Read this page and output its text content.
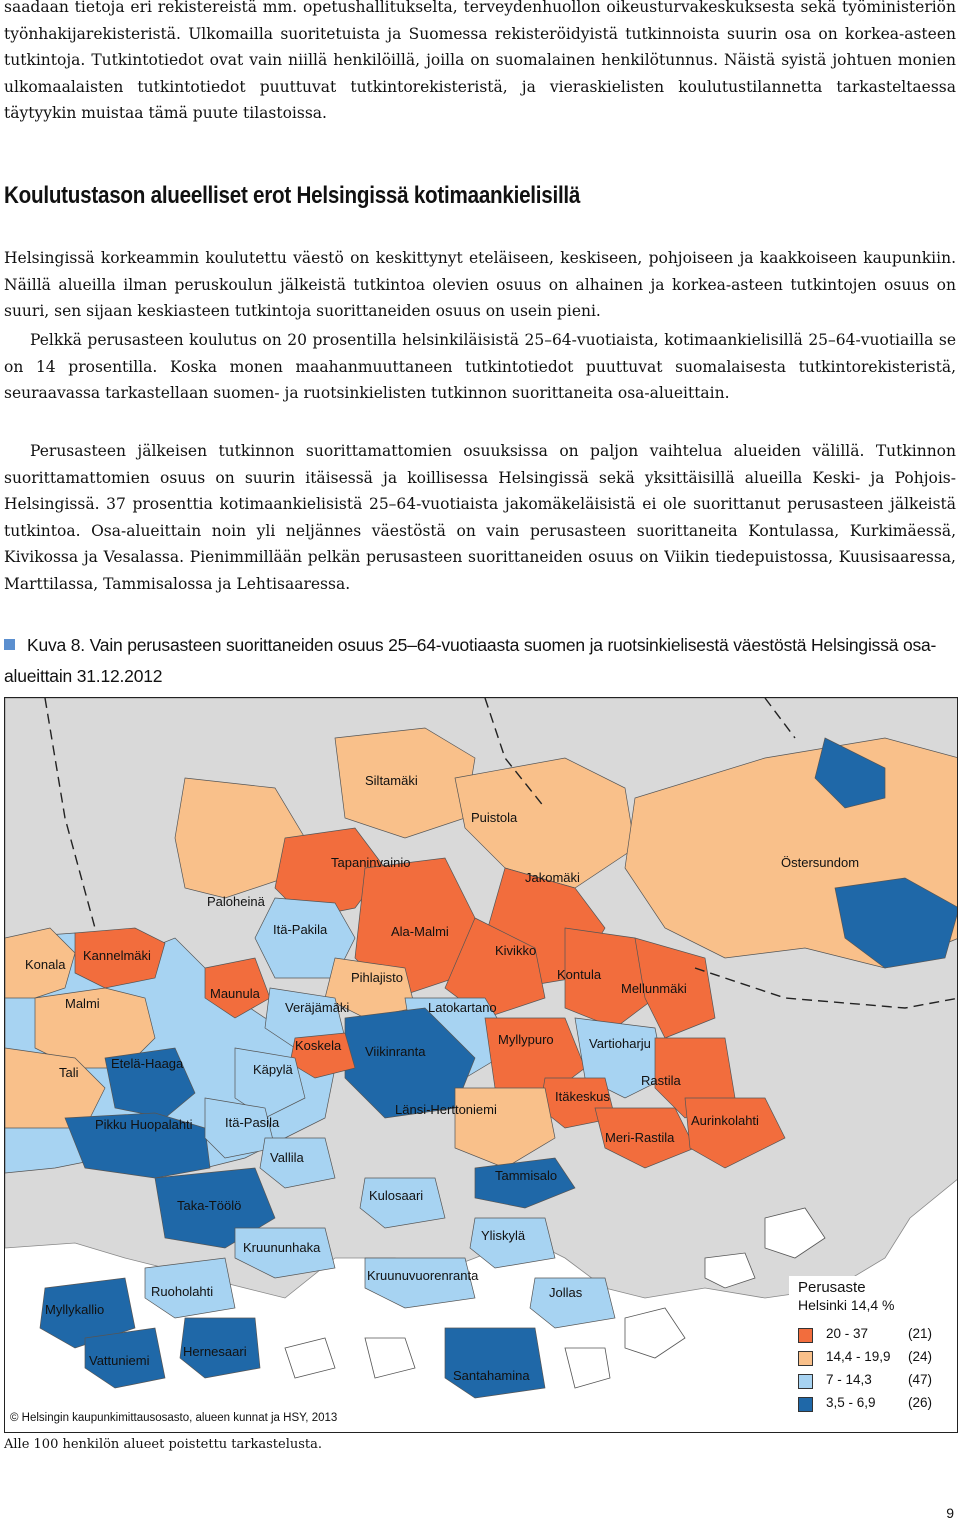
saadaan tietoja eri rekistereistä mm. opetushallitukselta, terveydenhuollon oikeusturvakeskuksesta sekä työministeriön työnhakijarekisteristä. Ulkomailla suoritetuista ja Suomessa rekisteröidyistä tutkinnoista suurin osa on korkea-asteen tutkintoja. Tutkintotiedot ovat vain niillä henkilöillä, joilla on suomalainen henkilötunnus. Näistä syistä johtuen monien ulkomaalaisten tutkintotiedot puuttuvat tutkintorekisteristä, ja vieraskielisten koulutustilannetta tarkasteltaessa täytyykin muistaa tämä puute tilastoissa.

Koulutustason alueelliset erot Helsingissä kotimaankielisillä

Helsingissä korkeammin koulutettu väestö on keskittynyt eteläiseen, keskiseen, pohjoiseen ja kaakkoiseen kaupunkiin. Näillä alueilla ilman peruskoulun jälkeistä tutkintoa olevien osuus on alhainen ja korkea-asteen tutkintojen osuus on suuri, sen sijaan keskiasteen tutkintoja suorittaneiden osuus on usein pieni.

Pelkkä perusasteen koulutus on 20 prosentilla helsinkiläisistä 25–64-vuotiaista, kotimaankielisillä 25–64-vuotiailla se on 14 prosentilla. Koska monen maahanmuuttaneen tutkintotiedot puuttuvat suomalaisesta tutkintorekisteristä, seuraavassa tarkastellaan suomen- ja ruotsinkielisten tutkinnon suorittaneita osa-alueittain.

Perusasteen jälkeisen tutkinnon suorittamattomien osuuksissa on paljon vaihtelua alueiden välillä. Tutkinnon suorittamattomien osuus on suurin itäisessä ja koillisessa Helsingissä sekä yksittäisillä alueilla Keski- ja Pohjois-Helsingissä. 37 prosenttia kotimaankielisistä 25–64-vuotiaista jakomäkeläisistä ei ole suorittanut perusasteen jälkeistä tutkintoa. Osa-alueittain noin yli neljännes väestöstä on vain perusasteen suorittaneita Kontulassa, Kurkimäessä, Kivikossa ja Vesalassa. Pienimmillään pelkän perusasteen suorittaneiden osuus on Viikin tiedepuistossa, Kuusisaaressa, Marttilassa, Tammisalossa ja Lehtisaaressa.

Kuva 8. Vain perusasteen suorittaneiden osuus 25–64-vuotiaasta suomen ja ruotsinkielisestä väestöstä Helsingissä osa-alueittain 31.12.2012
Siltamäki
Puistola
Tapaninvainio
Jakomäki
Östersundom
Paloheinä
Itä-Pakila	Ala-Malmi
Kivikko
Konala
Kannelmäki
Pihlajisto	Kontula
Maunula	Mellunmäki
Malmi	Veräjämäki	Latokartano
Myllypuro	Vartioharju
Koskela Viikinranta
Tali
Etelä-Haaga	Käpylä
Rastila
Itäkeskus
Länsi-Herttoniemi
Pikku Huopalahti Itä-Pasila	Aurinkolahti
Meri-Rastila
Vallila
Tammisalo
Taka-Töölö
Kulosaari
Yliskylä
Kruununhaka
Kruunuvuorenranta
Ruoholahti	Jollas
Myllykallio
Vattuniemi
Hernesaari
Santahamina
Perusaste
Helsinki 14,4 %
20 - 37	(21)
14,4 - 19,9 (24)
7 - 14,3	(47)
3,5 - 6,9 (26)
© Helsingin kaupunkimittausosasto, alueen kunnat ja HSY, 2013
Alle 100 henkilön alueet poistettu tarkastelusta.
9
